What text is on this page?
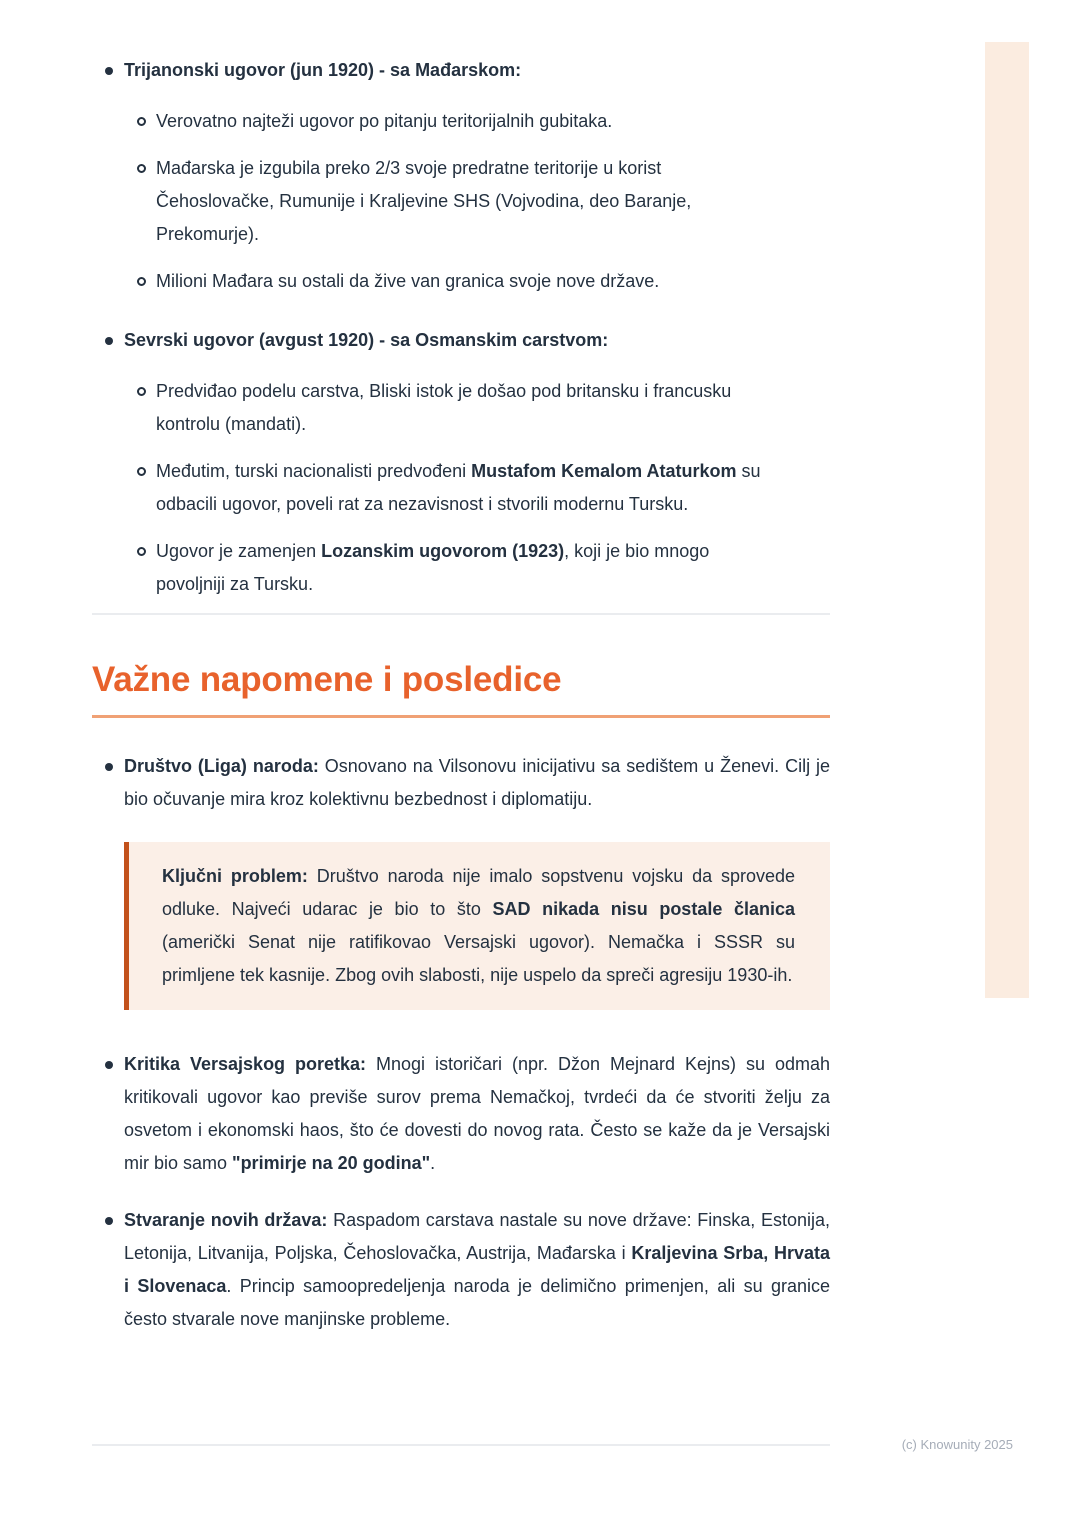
Trijanonski ugovor (jun 1920) - sa Mađarskom:
Verovatno najteži ugovor po pitanju teritorijalnih gubitaka.
Mađarska je izgubila preko 2/3 svoje predratne teritorije u korist Čehoslovačke, Rumunije i Kraljevine SHS (Vojvodina, deo Baranje, Prekomurje).
Milioni Mađara su ostali da žive van granica svoje nove države.
Sevrski ugovor (avgust 1920) - sa Osmanskim carstvom:
Predviđao podelu carstva, Bliski istok je došao pod britansku i francusku kontrolu (mandati).
Međutim, turski nacionalisti predvođeni Mustafom Kemalom Ataturkom su odbacili ugovor, poveli rat za nezavisnost i stvorili modernu Tursku.
Ugovor je zamenjen Lozanskim ugovorom (1923), koji je bio mnogo povoljniji za Tursku.
Važne napomene i posledice
Društvo (Liga) naroda: Osnovano na Vilsonovu inicijativu sa sedištem u Ženevi. Cilj je bio očuvanje mira kroz kolektivnu bezbednost i diplomatiju.

Ključni problem: Društvo naroda nije imalo sopstvenu vojsku da sprovede odluke. Najveći udarac je bio to što SAD nikada nisu postale članica (američki Senat nije ratifikovao Versajski ugovor). Nemačka i SSSR su primljene tek kasnije. Zbog ovih slabosti, nije uspelo da spreči agresiju 1930-ih.

Kritika Versajskog poretka: Mnogi istoričari (npr. Džon Mejnard Kejns) su odmah kritikovali ugovor kao previše surov prema Nemačkoj, tvrdeći da će stvoriti želju za osvetom i ekonomski haos, što će dovesti do novog rata. Često se kaže da je Versajski mir bio samo "primirje na 20 godina".
Stvaranje novih država: Raspadom carstava nastale su nove države: Finska, Estonija, Letonija, Litvanija, Poljska, Čehoslovačka, Austrija, Mađarska i Kraljevina Srba, Hrvata i Slovenaca. Princip samoopredeljenja naroda je delimično primenjen, ali su granice često stvarale nove manjinske probleme.
(c) Knowunity 2025
